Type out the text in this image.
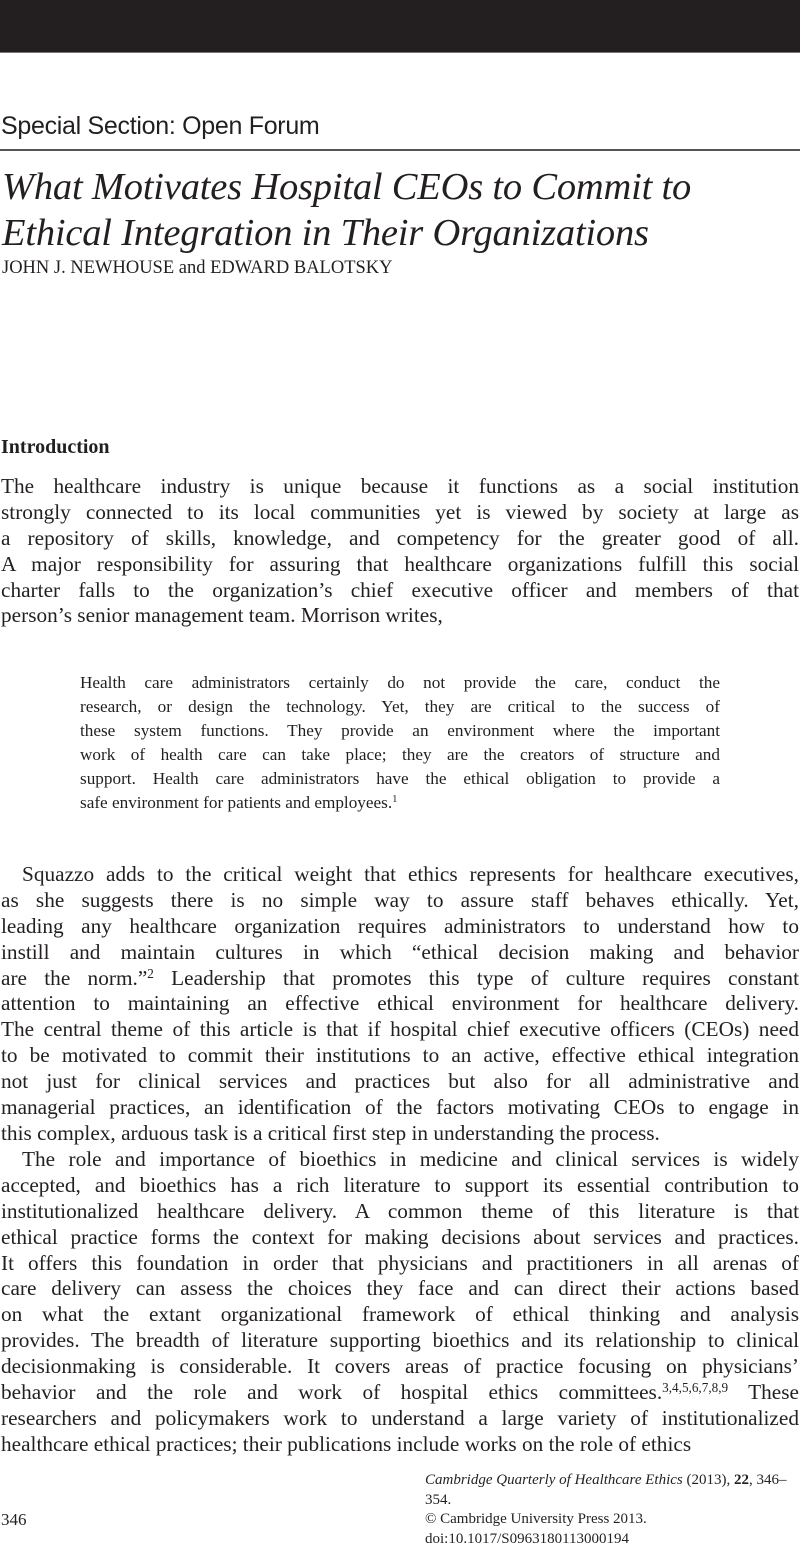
Special Section: Open Forum
What Motivates Hospital CEOs to Commit to
Ethical Integration in Their Organizations
JOHN J. NEWHOUSE and EDWARD BALOTSKY
Introduction
The healthcare industry is unique because it functions as a social institution
strongly connected to its local communities yet is viewed by society at large as
a repository of skills, knowledge, and competency for the greater good of all.
A major responsibility for assuring that healthcare organizations fulfill this social
charter falls to the organization’s chief executive officer and members of that
person’s senior management team. Morrison writes,
Health care administrators certainly do not provide the care, conduct the
research, or design the technology. Yet, they are critical to the success of
these system functions. They provide an environment where the important
work of health care can take place; they are the creators of structure and
support. Health care administrators have the ethical obligation to provide a
safe environment for patients and employees.$^1$
Squazzo adds to the critical weight that ethics represents for healthcare executives,
as she suggests there is no simple way to assure staff behaves ethically. Yet,
leading any healthcare organization requires administrators to understand how to
instill and maintain cultures in which “ethical decision making and behavior
are the norm.”$^2$ Leadership that promotes this type of culture requires constant
attention to maintaining an effective ethical environment for healthcare delivery.
The central theme of this article is that if hospital chief executive officers (CEOs) need
to be motivated to commit their institutions to an active, effective ethical integration
not just for clinical services and practices but also for all administrative and
managerial practices, an identification of the factors motivating CEOs to engage in
this complex, arduous task is a critical first step in understanding the process.
The role and importance of bioethics in medicine and clinical services is widely
accepted, and bioethics has a rich literature to support its essential contribution to
institutionalized healthcare delivery. A common theme of this literature is that
ethical practice forms the context for making decisions about services and practices.
It offers this foundation in order that physicians and practitioners in all arenas of
care delivery can assess the choices they face and can direct their actions based
on what the extant organizational framework of ethical thinking and analysis
provides. The breadth of literature supporting bioethics and its relationship to clinical
decisionmaking is considerable. It covers areas of practice focusing on physicians’
behavior and the role and work of hospital ethics committees.$^{3,4,5,6,7,8,9}$ These
researchers and policymakers work to understand a large variety of institutionalized
healthcare ethical practices; their publications include works on the role of ethics
Cambridge Quarterly of Healthcare Ethics (2013), 22, 346–354.
© Cambridge University Press 2013.
doi:10.1017/S0963180113000194
346
